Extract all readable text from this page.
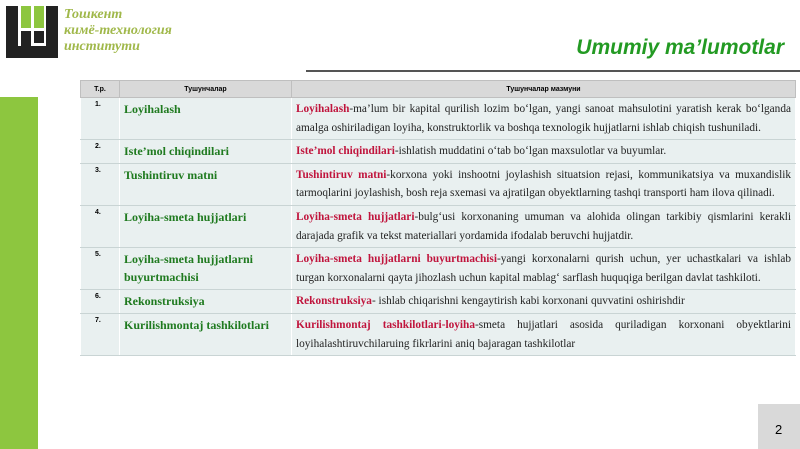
Тошкент
кимё-технология
институти	Umumiy ma’lumotlar
Т.р.	Тушунчалар	Тушунчалар мазмуни
1.	Loyihalash	Loyihalash-ma’lum bir kapital qurilish lozim bo‘lgan, yangi sanoat mahsulotini yaratish kerak bo‘lganda amalga oshiriladigan loyiha, konstruktorlik va boshqa texnologik hujjatlarni ishlab chiqish tushuniladi.
2.	Iste’mol chiqindilari	Iste’mol chiqindilari-ishlatish muddatini o‘tab bo‘lgan maxsulotlar va buyumlar.
3.	Tushintiruv matni	Tushintiruv matni-korxona yoki inshootni joylashish situatsion rejasi, kommunikatsiya va muxandislik tarmoqlarini joylashish, bosh reja sxemasi va ajratilgan obyektlarning tashqi transporti ham ilova qilinadi.
4.	Loyiha-smeta hujjatlari	Loyiha-smeta hujjatlari-bulg‘usi korxonaning umuman va alohida olingan tarkibiy qismlarini kerakli darajada grafik va tekst materiallari yordamida ifodalab beruvchi hujjatdir.
5.	Loyiha-smeta hujjatlarni buyurtmachisi	Loyiha-smeta hujjatlarni buyurtmachisi-yangi korxonalarni qurish uchun, yer uchastkalari va ishlab turgan korxonalarni qayta jihozlash uchun kapital mablag‘ sarflash huquqiga berilgan davlat tashkiloti.
6.	Rekonstruksiya	Rekonstruksiya- ishlab chiqarishni kengaytirish kabi korxonani quvvatini oshirishdir
7.	Kurilishmontaj tashkilotlari	Kurilishmontaj tashkilotlari-loyiha-smeta hujjatlari asosida quriladigan korxonani obyektlarini loyihalashtiruvchilaruing fikrlarini aniq bajaragan tashkilotlar
2
